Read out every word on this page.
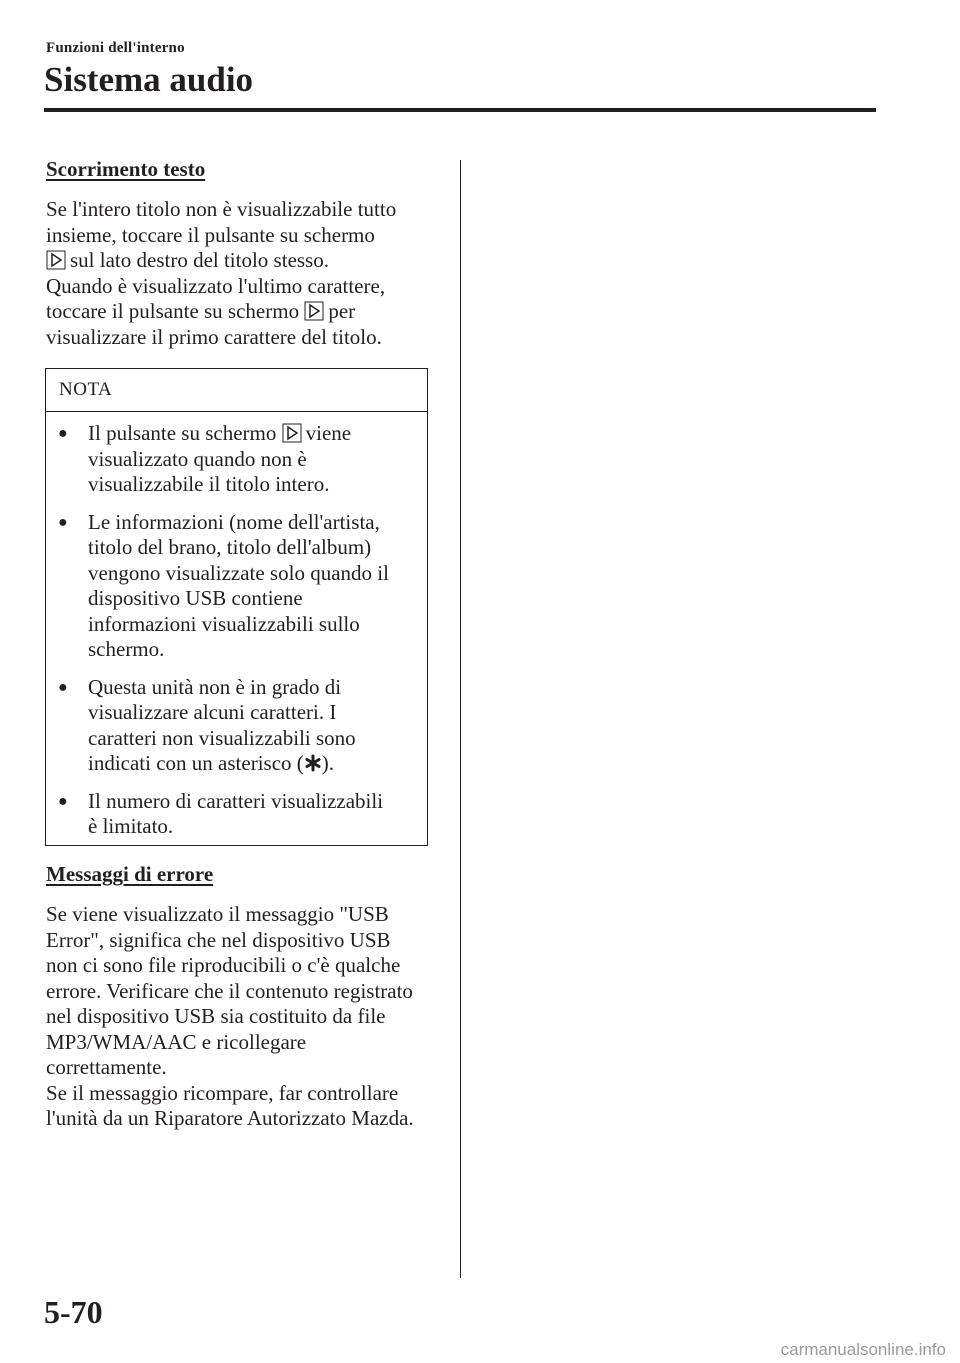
Funzioni dell'interno
Sistema audio
Scorrimento testo
Se l'intero titolo non è visualizzabile tutto
insieme, toccare il pulsante su schermo
sul lato destro del titolo stesso.
Quando è visualizzato l'ultimo carattere,
toccare il pulsante su schermo per
visualizzare il primo carattere del titolo.
NOTA
● Il pulsante su schermo viene
visualizzato quando non è
visualizzabile il titolo intero.
● Le informazioni (nome dell'artista,
titolo del brano, titolo dell'album)
vengono visualizzate solo quando il
dispositivo USB contiene
informazioni visualizzabili sullo
schermo.
● Questa unità non è in grado di
visualizzare alcuni caratteri. I
caratteri non visualizzabili sono
indicati con un asterisco ( ).
● Il numero di caratteri visualizzabili
è limitato.
Messaggi di errore
Se viene visualizzato il messaggio "USB
Error", significa che nel dispositivo USB
non ci sono file riproducibili o c'è qualche
errore. Verificare che il contenuto registrato
nel dispositivo USB sia costituito da file
MP3/WMA/AAC e ricollegare
correttamente.
Se il messaggio ricompare, far controllare
l'unità da un Riparatore Autorizzato Mazda.
5-70
carmanualsonline.info
